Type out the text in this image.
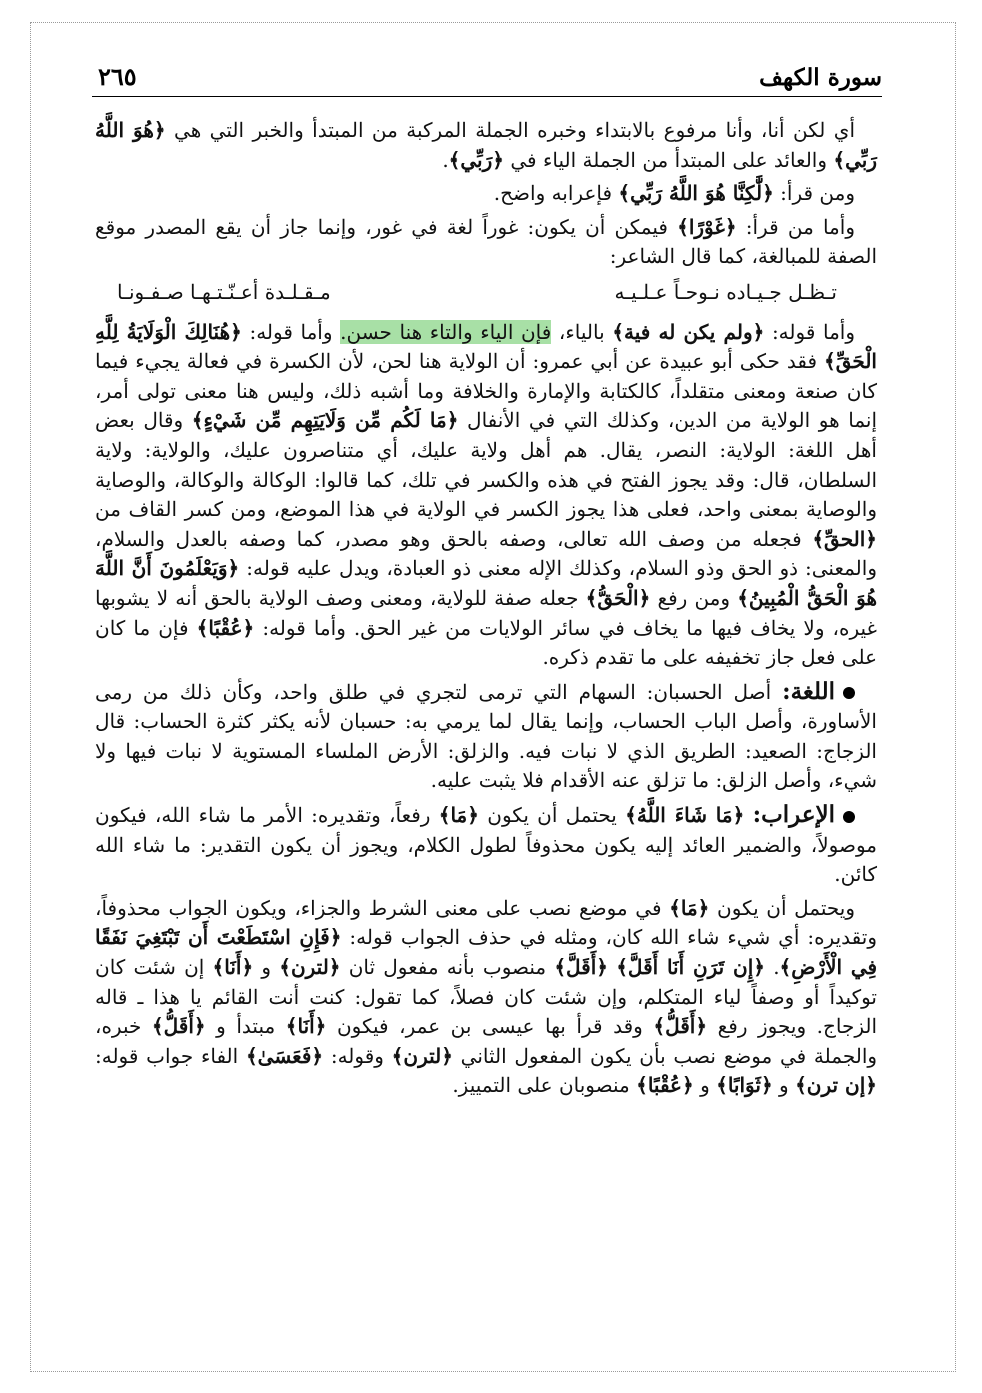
سورة الكهف
٢٦٥

أي لكن أنا، وأنا مرفوع بالابتداء وخبره الجملة المركبة من المبتدأ والخبر التي هي ﴿هُوَ اللَّهُ رَبِّي﴾ والعائد على المبتدأ من الجملة الياء في ﴿رَبِّي﴾.

ومن قرأ: ﴿لَّٰكِنَّا هُوَ اللَّهُ رَبِّي﴾ فإعرابه واضح.

وأما من قرأ: ﴿غَوْرًا﴾ فيمكن أن يكون: غوراً لغة في غور، وإنما جاز أن يقع المصدر موقع الصفة للمبالغة، كما قال الشاعر:

تـظـل جـيـاده نـوحـاً عـلـيـه
مـقـلـدة أعـنّـتـهـا صـفـونـا

وأما قوله: ﴿ولم يكن له فية﴾ بالياء، فإن الياء والتاء هنا حسن. وأما قوله: ﴿هُنَالِكَ الْوَلَايَةُ لِلَّهِ الْحَقِّ﴾ فقد حكى أبو عبيدة عن أبي عمرو: أن الولاية هنا لحن، لأن الكسرة في فعالة يجيء فيما كان صنعة ومعنى متقلداً، كالكتابة والإمارة والخلافة وما أشبه ذلك، وليس هنا معنى تولى أمر، إنما هو الولاية من الدين، وكذلك التي في الأنفال ﴿مَا لَكُم مِّن وَلَايَتِهِم مِّن شَيْءٍ﴾ وقال بعض أهل اللغة: الولاية: النصر، يقال. هم أهل ولاية عليك، أي متناصرون عليك، والولاية: ولاية السلطان، قال: وقد يجوز الفتح في هذه والكسر في تلك، كما قالوا: الوكالة والوكالة، والوصاية والوصاية بمعنى واحد، فعلى هذا يجوز الكسر في الولاية في هذا الموضع، ومن كسر القاف من ﴿الحقِّ﴾ فجعله من وصف الله تعالى، وصفه بالحق وهو مصدر، كما وصفه بالعدل والسلام، والمعنى: ذو الحق وذو السلام، وكذلك الإله معنى ذو العبادة، ويدل عليه قوله: ﴿وَيَعْلَمُونَ أَنَّ اللَّهَ هُوَ الْحَقُّ الْمُبِينُ﴾ ومن رفع ﴿الْحَقُّ﴾ جعله صفة للولاية، ومعنى وصف الولاية بالحق أنه لا يشوبها غيره، ولا يخاف فيها ما يخاف في سائر الولايات من غير الحق. وأما قوله: ﴿عُقْبًا﴾ فإن ما كان على فعل جاز تخفيفه على ما تقدم ذكره.

اللغة: أصل الحسبان: السهام التي ترمى لتجري في طلق واحد، وكأن ذلك من رمى الأساورة، وأصل الباب الحساب، وإنما يقال لما يرمي به: حسبان لأنه يكثر كثرة الحساب: قال الزجاج: الصعيد: الطريق الذي لا نبات فيه. والزلق: الأرض الملساء المستوية لا نبات فيها ولا شيء، وأصل الزلق: ما تزلق عنه الأقدام فلا يثبت عليه.

الإعراب: ﴿مَا شَاءَ اللَّهُ﴾ يحتمل أن يكون ﴿مَا﴾ رفعاً، وتقديره: الأمر ما شاء الله، فيكون موصولاً، والضمير العائد إليه يكون محذوفاً لطول الكلام، ويجوز أن يكون التقدير: ما شاء الله كائن.

ويحتمل أن يكون ﴿مَا﴾ في موضع نصب على معنى الشرط والجزاء، ويكون الجواب محذوفاً، وتقديره: أي شيء شاء الله كان، ومثله في حذف الجواب قوله: ﴿فَإِنِ اسْتَطَعْتَ أَن تَبْتَغِيَ نَفَقًا فِي الْأَرْضِ﴾. ﴿إِن تَرَنِ أَنَا أَقَلَّ﴾ ﴿أَقَلَّ﴾ منصوب بأنه مفعول ثان ﴿لترن﴾ و ﴿أَنَا﴾ إن شئت كان توكيداً أو وصفاً لياء المتكلم، وإن شئت كان فصلاً، كما تقول: كنت أنت القائم يا هذا ـ قاله الزجاج. ويجوز رفع ﴿أَقَلُّ﴾ وقد قرأ بها عيسى بن عمر، فيكون ﴿أَنَا﴾ مبتدأ و ﴿أَقَلُّ﴾ خبره، والجملة في موضع نصب بأن يكون المفعول الثاني ﴿لترن﴾ وقوله: ﴿فَعَسَىٰ﴾ الفاء جواب قوله: ﴿إن ترن﴾ و ﴿ثَوَابًا﴾ و ﴿عُقْبًا﴾ منصوبان على التمييز.
